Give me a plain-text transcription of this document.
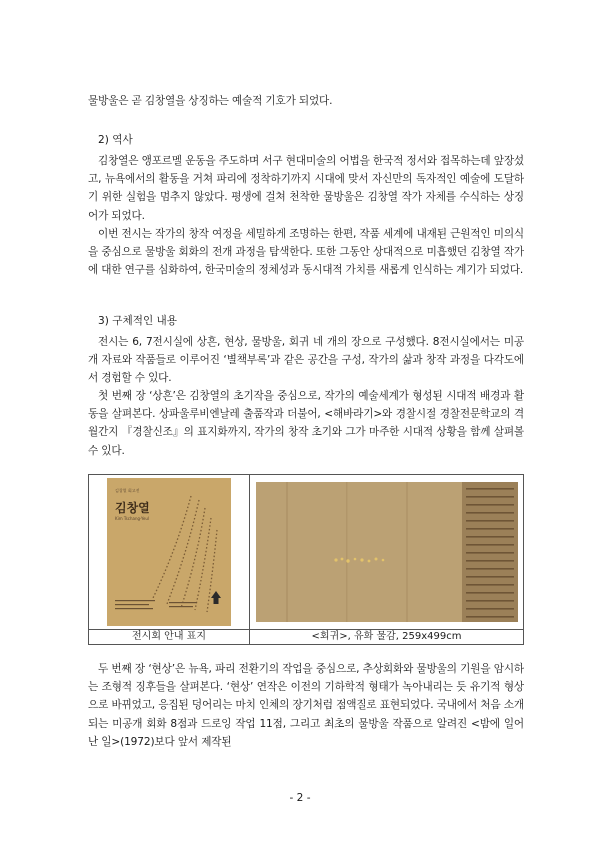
물방울은 곧 김창열을 상징하는 예술적 기호가 되었다.

2) 역사

김창열은 앵포르멜 운동을 주도하며 서구 현대미술의 어법을 한국적 정서와 접목하는데 앞장섰고, 뉴욕에서의 활동을 거쳐 파리에 정착하기까지 시대에 맞서 자신만의 독자적인 예술에 도달하기 위한 실험을 멈추지 않았다. 평생에 걸쳐 천착한 물방울은 김창열 작가 자체를 수식하는 상징어가 되었다.

이번 전시는 작가의 창작 여정을 세밀하게 조명하는 한편, 작품 세계에 내재된 근원적인 미의식을 중심으로 물방울 회화의 전개 과정을 탐색한다. 또한 그동안 상대적으로 미흡했던 김창열 작가에 대한 연구를 심화하여, 한국미술의 정체성과 동시대적 가치를 새롭게 인식하는 계기가 되었다.

3) 구체적인 내용

전시는 6, 7전시실에 상흔, 현상, 물방울, 회귀 네 개의 장으로 구성했다. 8전시실에서는 미공개 자료와 작품들로 이루어진 ‘별책부록’과 같은 공간을 구성, 작가의 삶과 창작 과정을 다각도에서 경험할 수 있다.

첫 번째 장 ‘상흔’은 김창열의 초기작을 중심으로, 작가의 예술세계가 형성된 시대적 배경과 활동을 살펴본다. 상파울루비엔날레 출품작과 더불어, <해바라기>와 경찰시절 경찰전문학교의 격월간지 『경찰신조』의 표지화까지, 작가의 창작 초기와 그가 마주한 시대적 상황을 함께 살펴볼 수 있다.

김창열 회고전
김창열
Kim Tschang-Yeul

전시회 안내 표지	<회귀>, 유화 물감, 259x499cm

두 번째 장 ‘현상’은 뉴욕, 파리 전환기의 작업을 중심으로, 추상회화와 물방울의 기원을 암시하는 조형적 징후들을 살펴본다. ‘현상’ 연작은 이전의 기하학적 형태가 녹아내리는 듯 유기적 형상으로 바뀌었고, 응집된 덩어리는 마치 인체의 장기처럼 점액질로 표현되었다. 국내에서 처음 소개되는 미공개 회화 8점과 드로잉 작업 11점, 그리고 최초의 물방울 작품으로 알려진 <밤에 일어난 일>(1972)보다 앞서 제작된

- 2 -
